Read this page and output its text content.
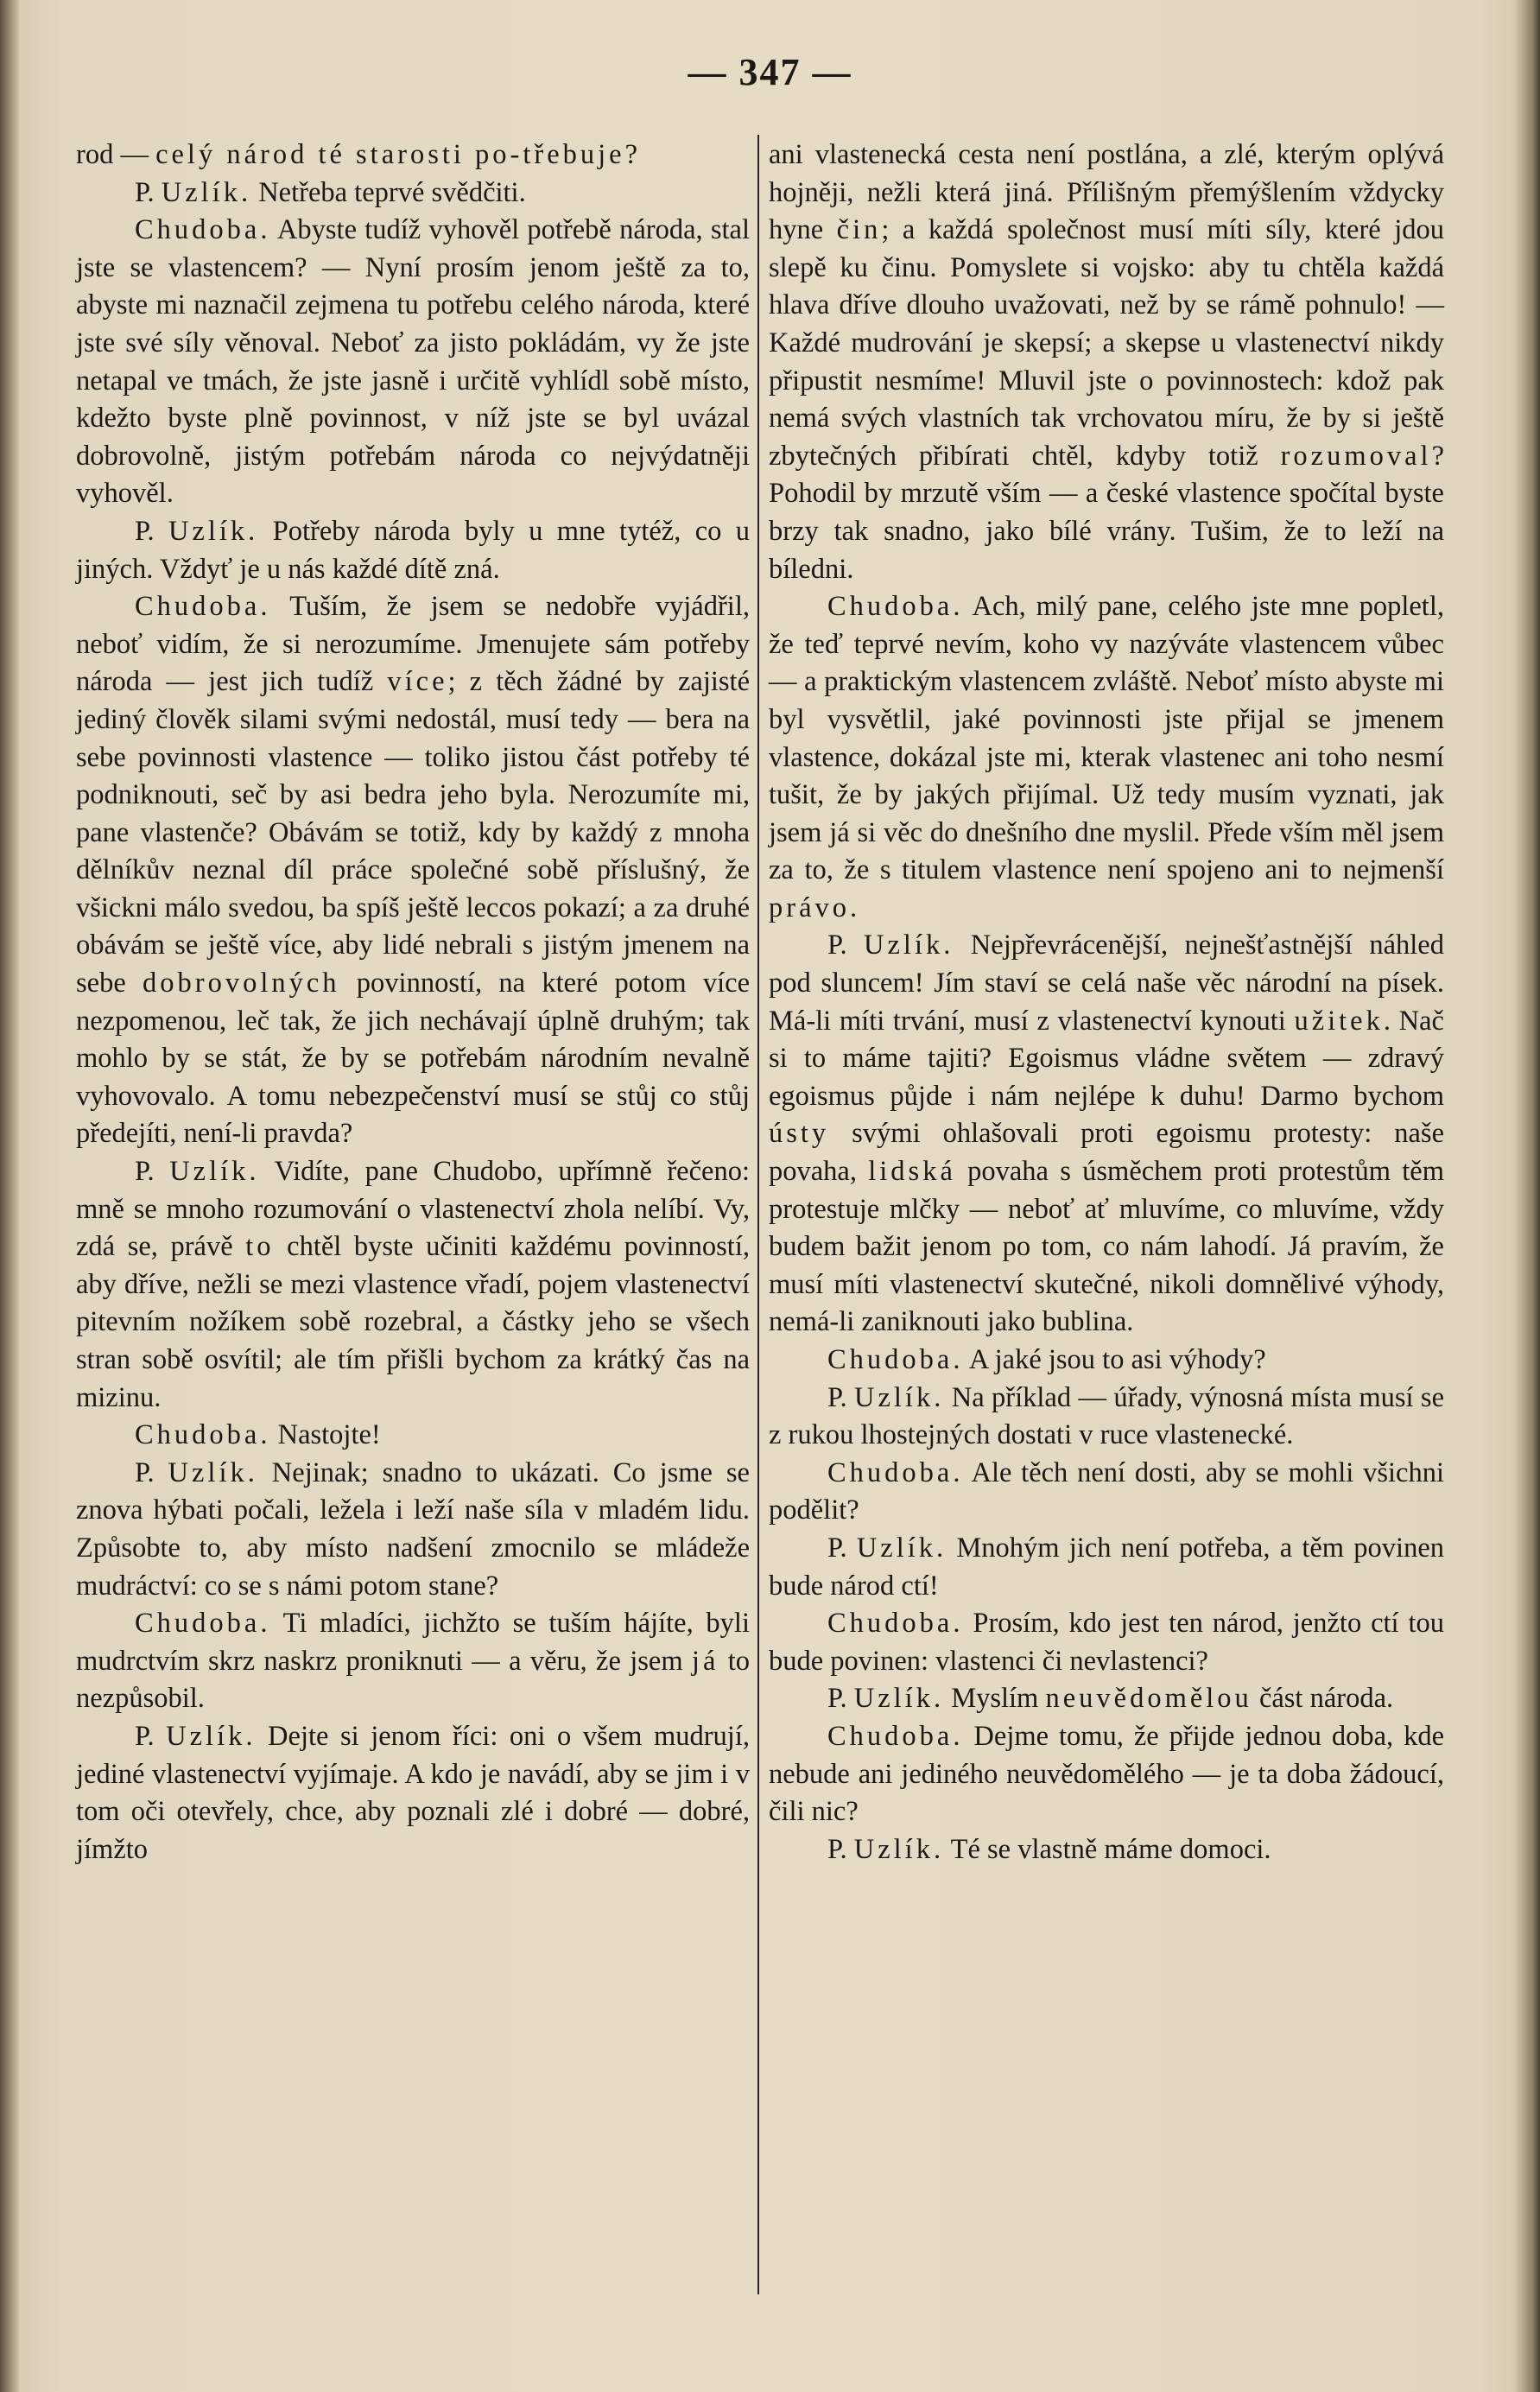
— 347 —

rod — celý národ té starosti po-třebuje?

P. Uzlík. Netřeba teprvé svědčiti.

Chudoba. Abyste tudíž vyhověl potřebě národa, stal jste se vlastencem? — Nyní prosím jenom ještě za to, abyste mi naznačil zejmena tu potřebu celého národa, které jste své síly věnoval. Neboť za jisto pokládám, vy že jste netapal ve tmách, že jste jasně i určitě vyhlídl sobě místo, kdežto byste plně povinnost, v níž jste se byl uvázal dobrovolně, jistým potřebám národa co nejvýdatněji vyhověl.

P. Uzlík. Potřeby národa byly u mne tytéž, co u jiných. Vždyť je u nás každé dítě zná.

Chudoba. Tuším, že jsem se nedobře vyjádřil, neboť vidím, že si nerozumíme. Jmenujete sám potřeby národa — jest jich tudíž více; z těch žádné by zajisté jediný člověk silami svými nedostál, musí tedy — bera na sebe povinnosti vlastence — toliko jistou část potřeby té podniknouti, seč by asi bedra jeho byla. Nerozumíte mi, pane vlastenče? Obávám se totiž, kdy by každý z mnoha dělníkův neznal díl práce společné sobě příslušný, že všickni málo svedou, ba spíš ještě leccos pokazí; a za druhé obávám se ještě více, aby lidé nebrali s jistým jmenem na sebe dobrovolných povinností, na které potom více nezpomenou, leč tak, že jich nechávají úplně druhým; tak mohlo by se stát, že by se potřebám národním nevalně vyhovovalo. A tomu nebezpečenství musí se stůj co stůj předejíti, není-li pravda?

P. Uzlík. Vidíte, pane Chudobo, upřímně řečeno: mně se mnoho rozumování o vlastenectví zhola nelíbí. Vy, zdá se, právě to chtěl byste učiniti každému povinností, aby dříve, nežli se mezi vlastence vřadí, pojem vlastenectví pitevním nožíkem sobě rozebral, a částky jeho se všech stran sobě osvítil; ale tím přišli bychom za krátký čas na mizinu.

Chudoba. Nastojte!

P. Uzlík. Nejinak; snadno to ukázati. Co jsme se znova hýbati počali, ležela i leží naše síla v mladém lidu. Způsobte to, aby místo nadšení zmocnilo se mládeže mudráctví: co se s námi potom stane?

Chudoba. Ti mladíci, jichžto se tuším hájíte, byli mudrctvím skrz naskrz proniknuti — a věru, že jsem já to nezpůsobil.

P. Uzlík. Dejte si jenom říci: oni o všem mudrují, jediné vlastenectví vyjímaje. A kdo je navádí, aby se jim i v tom oči otevřely, chce, aby poznali zlé i dobré — dobré, jímžto

ani vlastenecká cesta není postlána, a zlé, kterým oplývá hojněji, nežli která jiná. Přílišným přemýšlením vždycky hyne čin; a každá společnost musí míti síly, které jdou slepě ku činu. Pomyslete si vojsko: aby tu chtěla každá hlava dříve dlouho uvažovati, než by se rámě pohnulo! — Každé mudrování je skepsí; a skepse u vlastenectví nikdy připustit nesmíme! Mluvil jste o povinnostech: kdož pak nemá svých vlastních tak vrchovatou míru, že by si ještě zbytečných přibírati chtěl, kdyby totiž rozumoval? Pohodil by mrzutě vším — a české vlastence spočítal byste brzy tak snadno, jako bílé vrány. Tušim, že to leží na bíledni.

Chudoba. Ach, milý pane, celého jste mne popletl, že teď teprvé nevím, koho vy nazýváte vlastencem vůbec — a praktickým vlastencem zvláště. Neboť místo abyste mi byl vysvětlil, jaké povinnosti jste přijal se jmenem vlastence, dokázal jste mi, kterak vlastenec ani toho nesmí tušit, že by jakých přijímal. Už tedy musím vyznati, jak jsem já si věc do dnešního dne myslil. Přede vším měl jsem za to, že s titulem vlastence není spojeno ani to nejmenší právo.

P. Uzlík. Nejpřevrácenější, nejnešťastnější náhled pod sluncem! Jím staví se celá naše věc národní na písek. Má-li míti trvání, musí z vlastenectví kynouti užitek. Nač si to máme tajiti? Egoismus vládne světem — zdravý egoismus půjde i nám nejlépe k duhu! Darmo bychom ústy svými ohlašovali proti egoismu protesty: naše povaha, lidská povaha s úsměchem proti protestům těm protestuje mlčky — neboť ať mluvíme, co mluvíme, vždy budem bažit jenom po tom, co nám lahodí. Já pravím, že musí míti vlastenectví skutečné, nikoli domnělivé výhody, nemá-li zaniknouti jako bublina.

Chudoba. A jaké jsou to asi výhody?

P. Uzlík. Na příklad — úřady, výnosná místa musí se z rukou lhostejných dostati v ruce vlastenecké.

Chudoba. Ale těch není dosti, aby se mohli všichni podělit?

P. Uzlík. Mnohým jich není potřeba, a těm povinen bude národ ctí!

Chudoba. Prosím, kdo jest ten národ, jenžto ctí tou bude povinen: vlastenci či nevlastenci?

P. Uzlík. Myslím neuvědomělou část národa.

Chudoba. Dejme tomu, že přijde jednou doba, kde nebude ani jediného neuvědomělého — je ta doba žádoucí, čili nic?

P. Uzlík. Té se vlastně máme domoci.
